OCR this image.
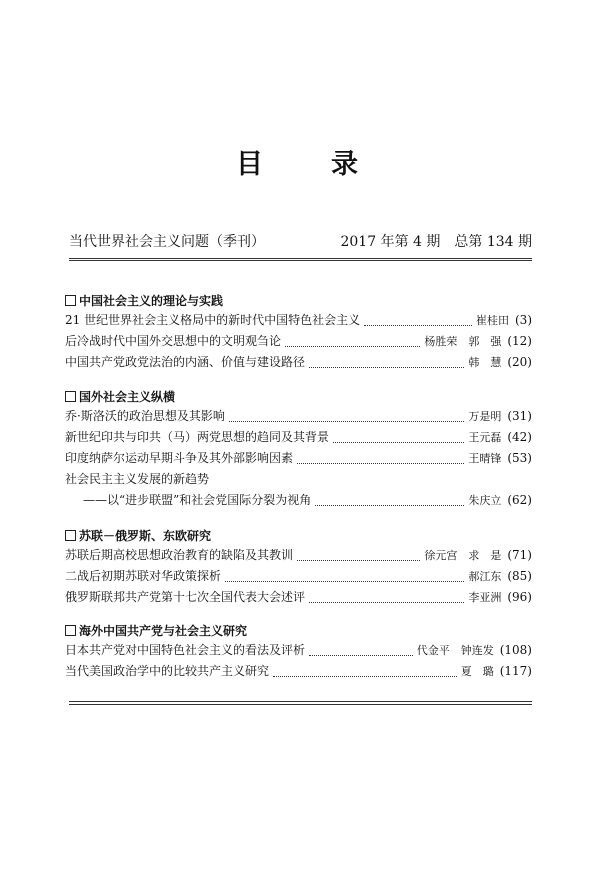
目	录
当代世界社会主义问题（季刊）	2017 年第 4 期  总第 134 期
中国社会主义的理论与实践
21 世纪世界社会主义格局中的新时代中国特色社会主义	崔桂田 (3)
后冷战时代中国外交思想中的文明观刍论	杨胜荣　郭　强 (12)
中国共产党政党法治的内涵、价值与建设路径	韩　慧 (20)
国外社会主义纵横
乔·斯洛沃的政治思想及其影响	万是明 (31)
新世纪印共与印共（马）两党思想的趋同及其背景	王元磊 (42)
印度纳萨尔运动早期斗争及其外部影响因素	王晴锋 (53)
社会民主主义发展的新趋势
——以“进步联盟”和社会党国际分裂为视角	朱庆立 (62)
苏联－俄罗斯、东欧研究
苏联后期高校思想政治教育的缺陷及其教训	徐元宫　求　是 (71)
二战后初期苏联对华政策探析	郝江东 (85)
俄罗斯联邦共产党第十七次全国代表大会述评	李亚洲 (96)
海外中国共产党与社会主义研究
日本共产党对中国特色社会主义的看法及评析	代金平　钟连发 (108)
当代美国政治学中的比较共产主义研究	夏　璐 (117)
